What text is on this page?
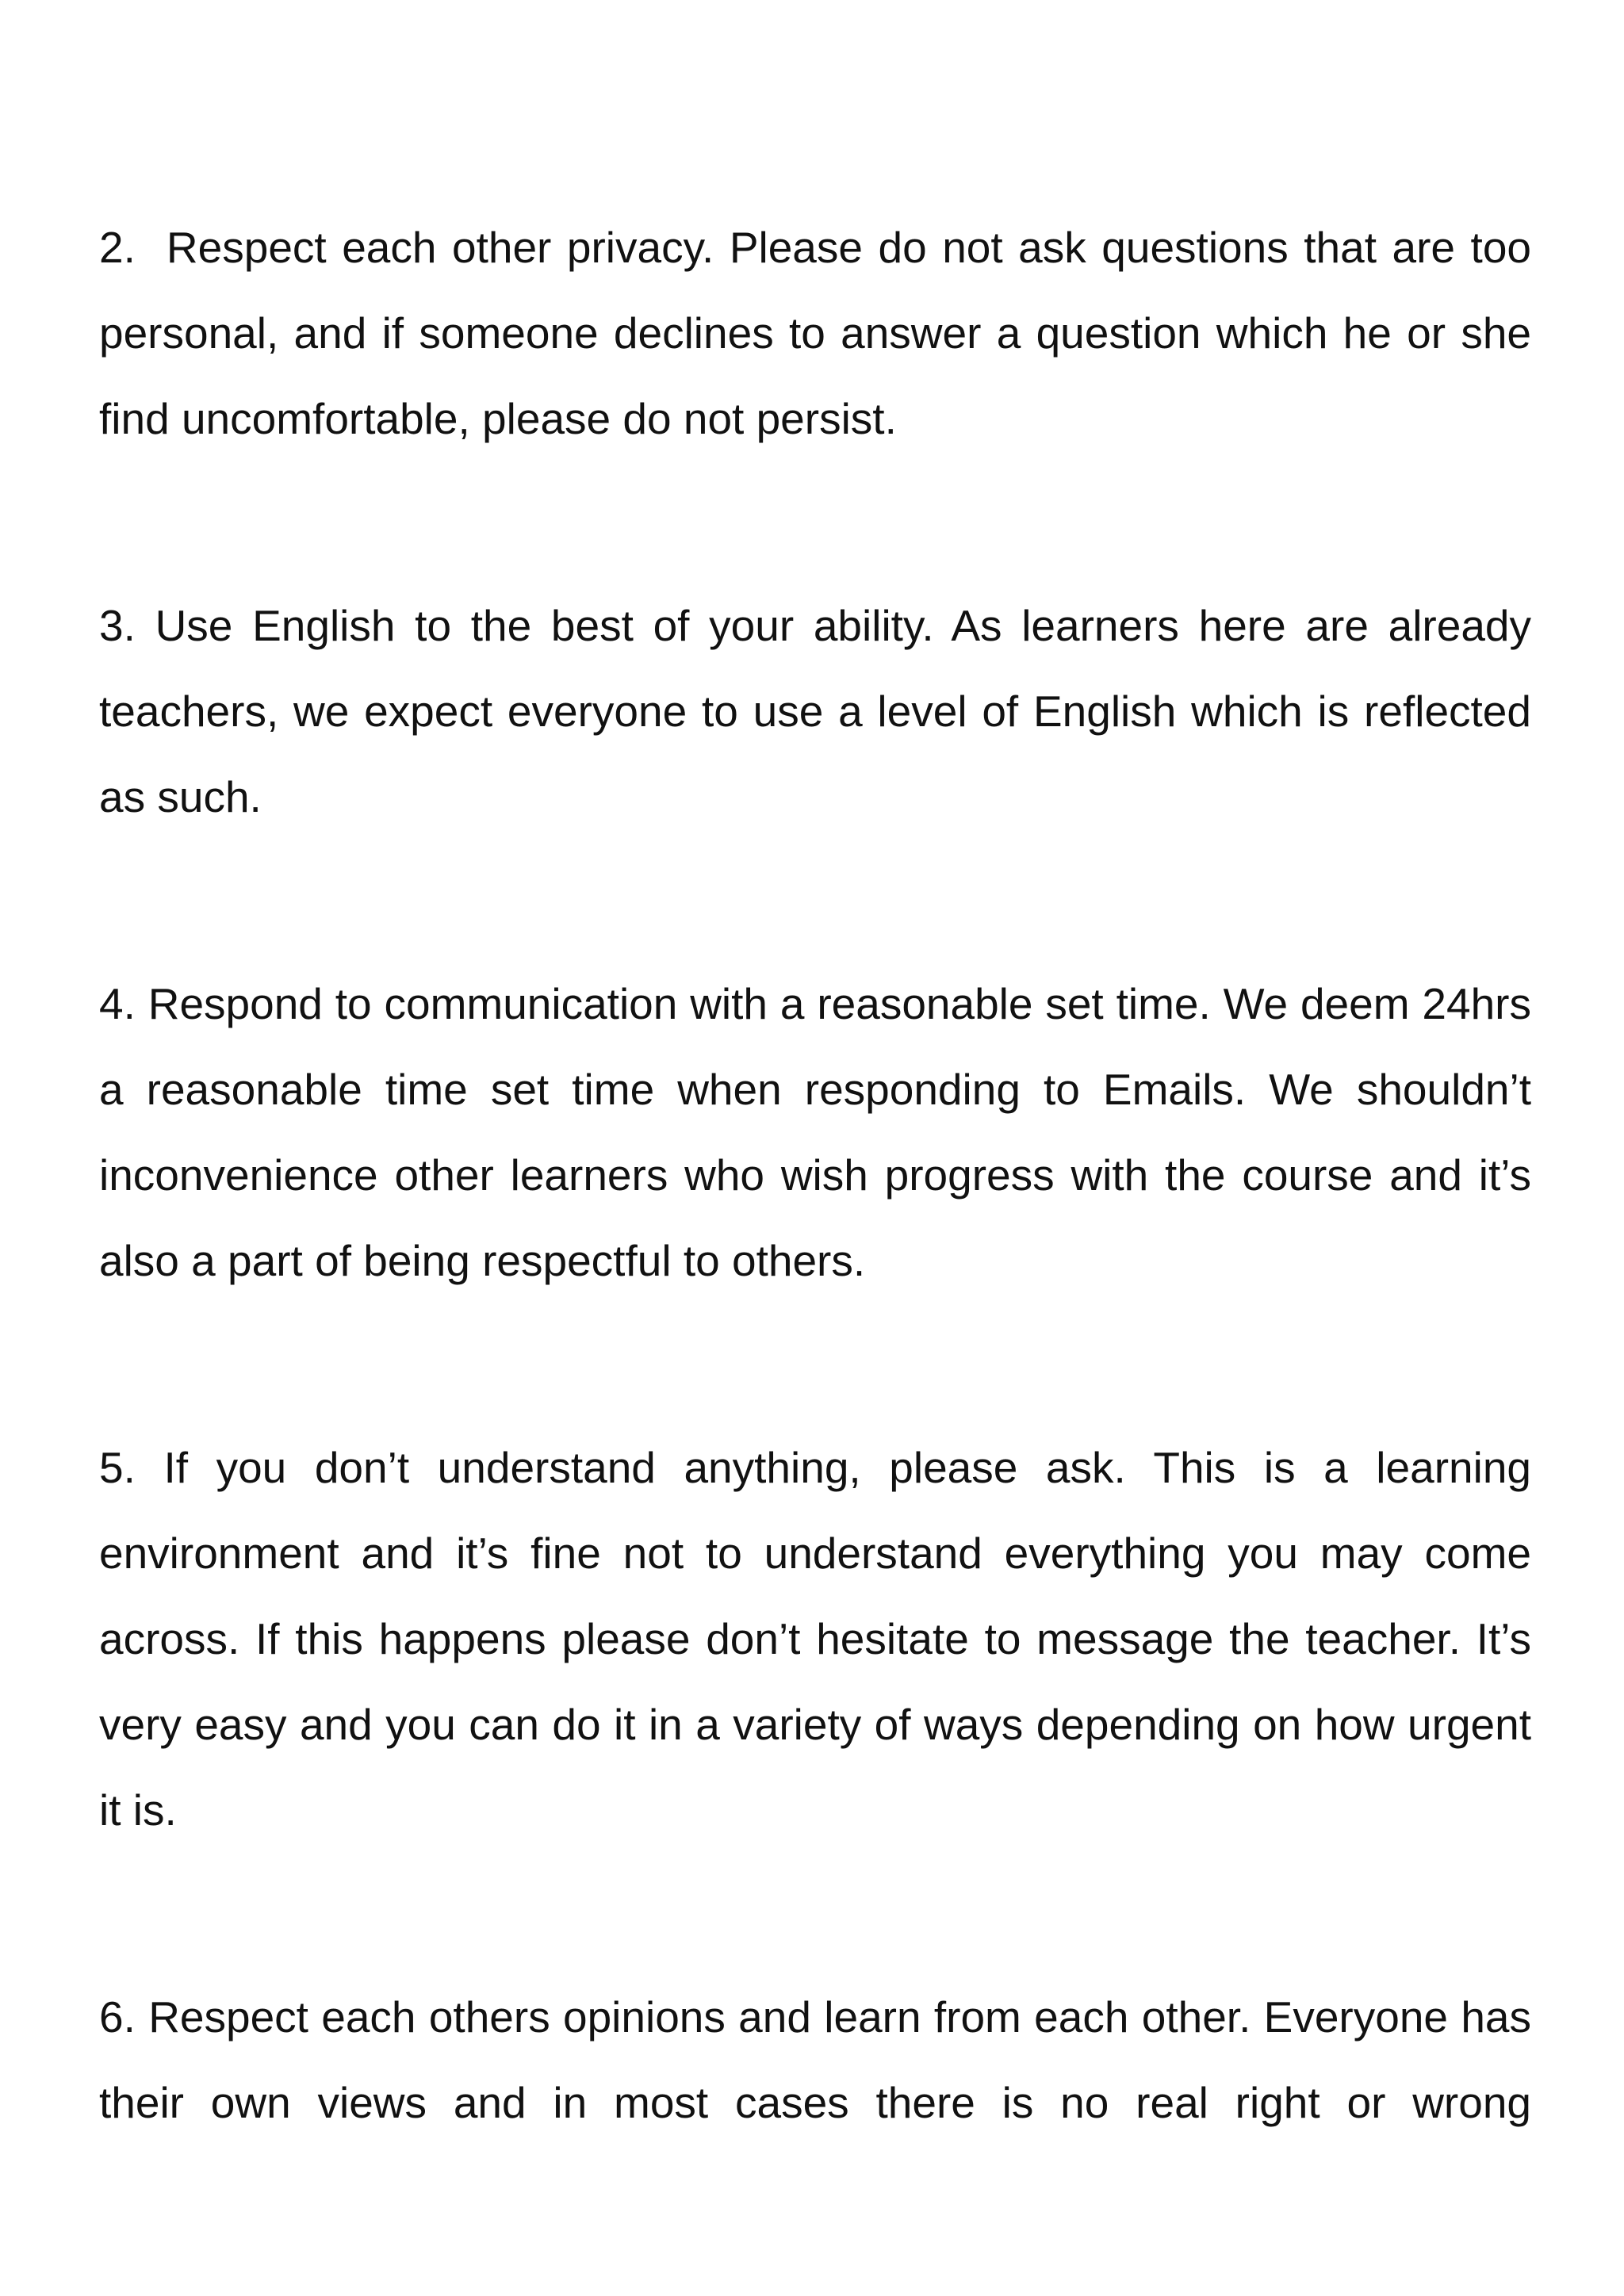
2.  Respect each other privacy. Please do not ask questions that are too personal, and if someone declines to answer a question which he or she find uncomfortable, please do not persist.

3. Use English to the best of your ability. As learners here are already teachers, we expect everyone to use a level of English which is reflected as such.

4. Respond to communication with a reasonable set time. We deem 24hrs a reasonable time set time when responding to Emails. We shouldn’t inconvenience other learners who wish progress with the course and it’s also a part of being respectful to others.

5. If you don’t understand anything, please ask. This is a learning environment and it’s fine not to understand everything you may come across. If this happens please don’t hesitate to message the teacher. It’s very easy and you can do it in a variety of ways depending on how urgent it is.

6. Respect each others opinions and learn from each other. Everyone has their own views and in most cases there is no real right or wrong
